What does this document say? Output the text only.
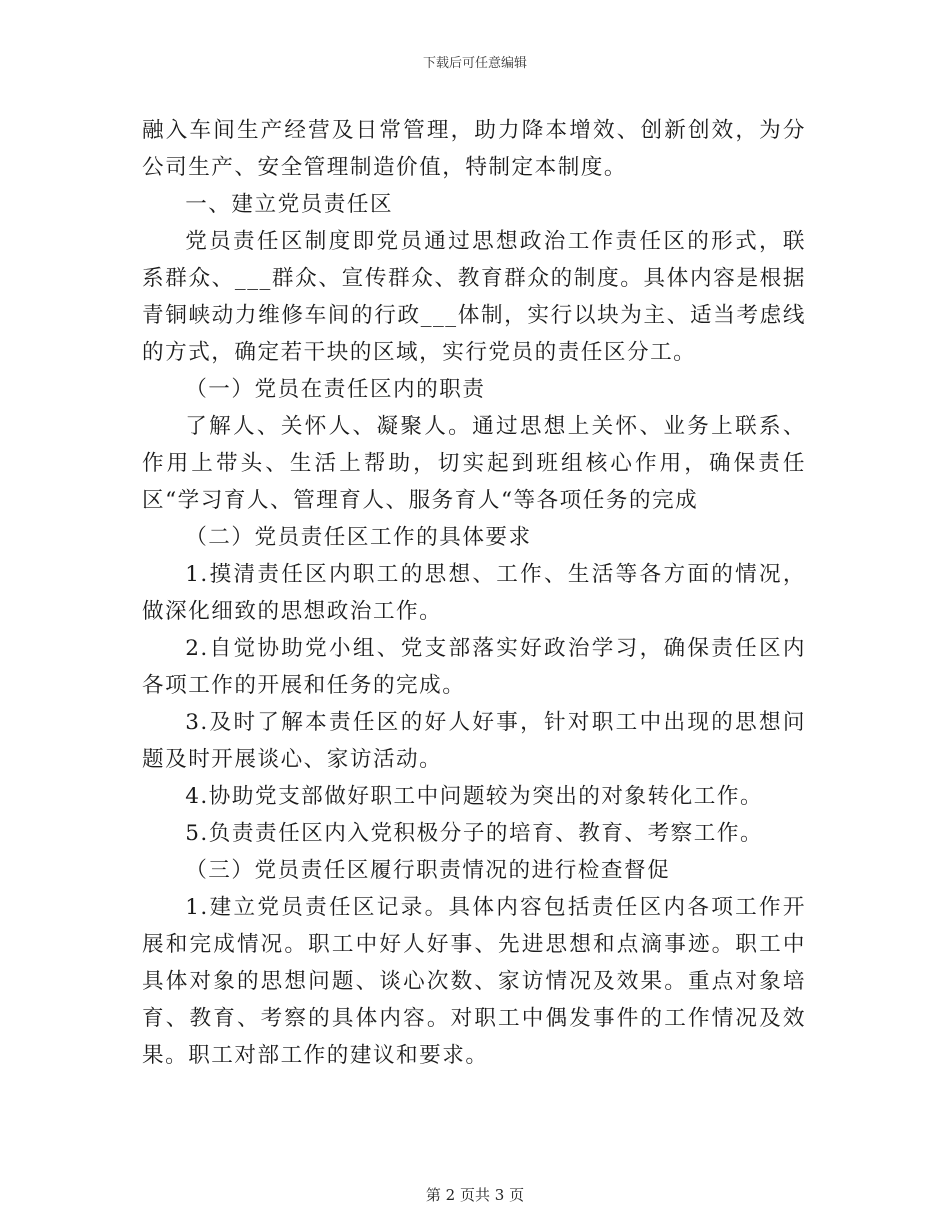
下载后可任意编辑

融入车间生产经营及日常管理，助力降本增效、创新创效，为分公司生产、安全管理制造价值，特制定本制度。

一、建立党员责任区

党员责任区制度即党员通过思想政治工作责任区的形式，联系群众、___群众、宣传群众、教育群众的制度。具体内容是根据青铜峡动力维修车间的行政___体制，实行以块为主、适当考虑线的方式，确定若干块的区域，实行党员的责任区分工。

（一）党员在责任区内的职责

了解人、关怀人、凝聚人。通过思想上关怀、业务上联系、作用上带头、生活上帮助，切实起到班组核心作用，确保责任区“学习育人、管理育人、服务育人“等各项任务的完成

（二）党员责任区工作的具体要求

1.摸清责任区内职工的思想、工作、生活等各方面的情况，做深化细致的思想政治工作。

2.自觉协助党小组、党支部落实好政治学习，确保责任区内各项工作的开展和任务的完成。

3.及时了解本责任区的好人好事，针对职工中出现的思想问题及时开展谈心、家访活动。

4.协助党支部做好职工中问题较为突出的对象转化工作。

5.负责责任区内入党积极分子的培育、教育、考察工作。

（三）党员责任区履行职责情况的进行检查督促

1.建立党员责任区记录。具体内容包括责任区内各项工作开展和完成情况。职工中好人好事、先进思想和点滴事迹。职工中具体对象的思想问题、谈心次数、家访情况及效果。重点对象培育、教育、考察的具体内容。对职工中偶发事件的工作情况及效果。职工对部工作的建议和要求。

第 2 页共 3 页
